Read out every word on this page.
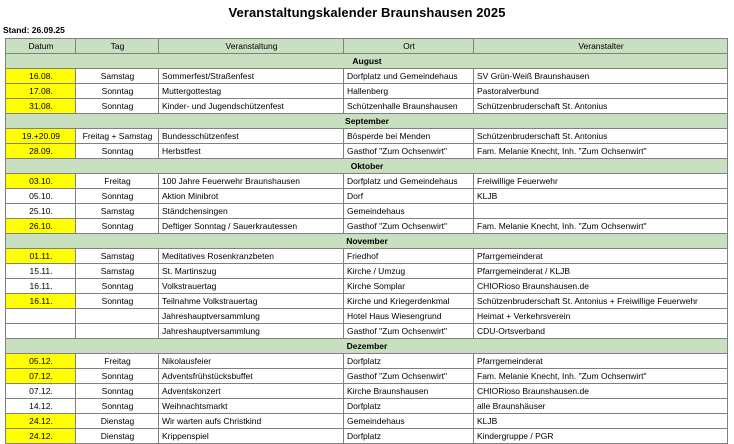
Veranstaltungskalender Braunshausen 2025
Stand: 26.09.25
Datum	Tag	Veranstaltung	Ort	Veranstalter
August				
16.08.	Samstag	Sommerfest/Straßenfest	Dorfplatz und Gemeindehaus	SV Grün-Weiß Braunshausen
17.08.	Sonntag	Muttergottestag	Hallenberg	Pastoralverbund
31.08.	Sonntag	Kinder- und Jugendschützenfest	Schützenhalle Braunshausen	Schützenbruderschaft St. Antonius
September				
19.+20.09	Freitag + Samstag	Bundesschützenfest	Bösperde bei Menden	Schützenbruderschaft St. Antonius
28.09.	Sonntag	Herbstfest	Gasthof "Zum Ochsenwirt"	Fam. Melanie Knecht, Inh. "Zum Ochsenwirt"
Oktober				
03.10.	Freitag	100 Jahre Feuerwehr Braunshausen	Dorfplatz und Gemeindehaus	Freiwillige Feuerwehr
05.10.	Sonntag	Aktion Minibrot	Dorf	KLJB
25.10.	Samstag	Ständchensingen	Gemeindehaus	
26.10.	Sonntag	Deftiger Sonntag / Sauerkrautessen	Gasthof "Zum Ochsenwirt"	Fam. Melanie Knecht, Inh. "Zum Ochsenwirt"
November				
01.11.	Samstag	Meditatives Rosenkranzbeten	Friedhof	Pfarrgemeinderat
15.11.	Samstag	St. Martinszug	Kirche / Umzug	Pfarrgemeinderat / KLJB
16.11.	Sonntag	Volkstrauertag	Kirche Somplar	CHIORioso Braunshausen.de
16.11.	Sonntag	Teilnahme Volkstrauertag	Kirche und Kriegerdenkmal	Schützenbruderschaft St. Antonius + Freiwillige Feuerwehr
		Jahreshauptversammlung	Hotel Haus Wiesengrund	Heimat + Verkehrsverein
		Jahreshauptversammlung	Gasthof "Zum Ochsenwirt"	CDU-Ortsverband
Dezember				
05.12.	Freitag	Nikolausfeier	Dorfplatz	Pfarrgemeinderat
07.12.	Sonntag	Adventsfrühstücksbuffet	Gasthof "Zum Ochsenwirt"	Fam. Melanie Knecht, Inh. "Zum Ochsenwirt"
07.12.	Sonntag	Adventskonzert	Kirche Braunshausen	CHIORioso Braunshausen.de
14.12.	Sonntag	Weihnachtsmarkt	Dorfplatz	alle Braunshäuser
24.12.	Dienstag	Wir warten aufs Christkind	Gemeindehaus	KLJB
24.12.	Dienstag	Krippenspiel	Dorfplatz	Kindergruppe / PGR
